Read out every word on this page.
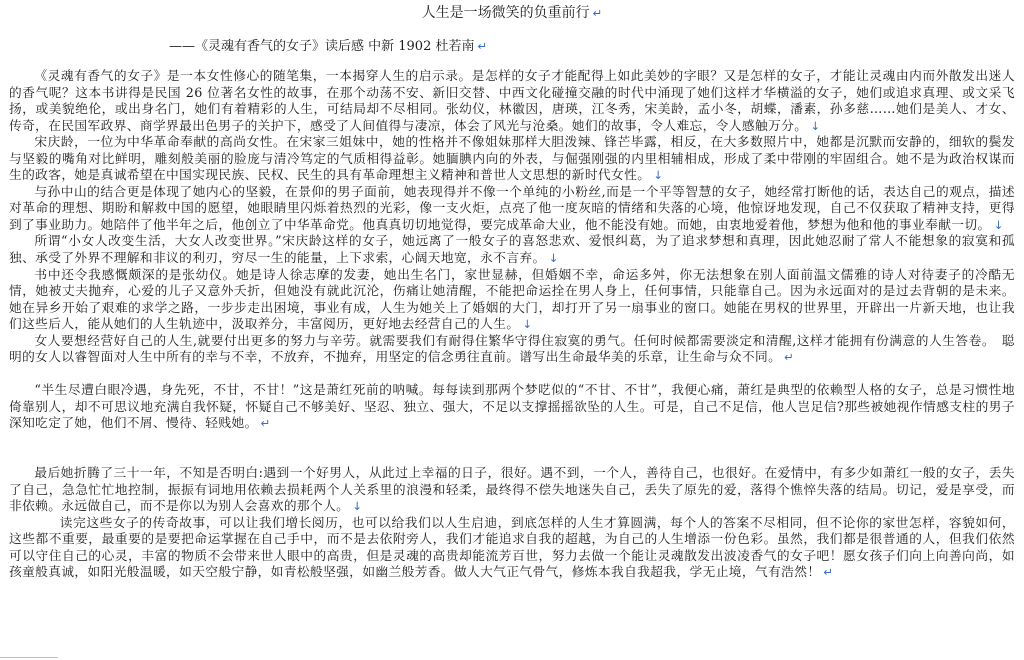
人生是一场微笑的负重前行 ↵
——《灵魂有香气的女子》读后感 中新 1902 杜若南 ↵

《灵魂有香气的女子》是一本女性修心的随笔集，一本揭穿人生的启示录。是怎样的女子才能配得上如此美妙的字眼？又是怎样的女子，才能让灵魂由内而外散发出迷人的香气呢？这本书讲得是民国 26 位著名女性的故事，在那个动荡不安、新旧交替、中西文化碰撞交融的时代中涌现了她们这样才华横溢的女子，她们或追求真理、或文采飞扬，或美貌绝伦，或出身名门，她们有着精彩的人生，可结局却不尽相同。张幼仪，林徽因，唐瑛，江冬秀，宋美龄，孟小冬，胡蝶，潘素，孙多慈……她们是美人、才女、传奇，在民国军政界、商学界最出色男子的关护下，感受了人间值得与凄凉，体会了风光与沧桑。她们的故事，令人难忘，令人感触万分。 ↓

宋庆龄，一位为中华革命奉献的高尚女性。在宋家三姐妹中，她的性格并不像姐妹那样大胆泼辣、锋芒毕露，相反，在大多数照片中，她都是沉默而安静的，细软的鬓发与坚毅的嘴角对比鲜明，雕刻般美丽的脸庞与清冷笃定的气质相得益彰。她腼腆内向的外表，与倔强刚强的内里相辅相成，形成了柔中带刚的牢固组合。她不是为政治权谋而生的政客，她是真诚希望在中国实现民族、民权、民生的具有革命理想主义精神和普世人文思想的新时代女性。 ↓

与孙中山的结合更是体现了她内心的坚毅，在景仰的男子面前，她表现得并不像一个单纯的小粉丝,而是一个平等智慧的女子，她经常打断他的话，表达自己的观点，描述对革命的理想、期盼和解救中国的愿望，她眼睛里闪烁着热烈的光彩，像一支火炬，点亮了他一度灰暗的情绪和失落的心境，他惊讶地发现，自己不仅获取了精神支持，更得到了事业助力。她陪伴了他半年之后，他创立了中华革命党。他真真切切地觉得，要完成革命大业，他不能没有她。而她，由衷地爱着他，梦想为他和他的事业奉献一切。 ↓

所谓“小女人改变生活，大女人改变世界。”宋庆龄这样的女子，她远离了一般女子的喜怒悲欢、爱恨纠葛，为了追求梦想和真理，因此她忍耐了常人不能想象的寂寞和孤独、承受了外界不理解和非议的利刃，穷尽一生的能量，上下求索，心阔天地宽，永不言弃。 ↓

书中还令我感慨颇深的是张幼仪。她是诗人徐志摩的发妻，她出生名门，家世显赫，但婚姻不幸，命运多舛，你无法想象在别人面前温文儒雅的诗人对待妻子的冷酷无情，她被丈夫抛弃，心爱的儿子又意外夭折，但她没有就此沉沦，伤痛让她清醒，不能把命运拴在男人身上，任何事情，只能靠自己。因为永远面对的是过去背朝的是未来。她在异乡开始了艰难的求学之路，一步步走出困境，事业有成，人生为她关上了婚姻的大门，却打开了另一扇事业的窗口。她能在男权的世界里，开辟出一片新天地，也让我们这些后人，能从她们的人生轨迹中，汲取养分，丰富阅历，更好地去经营自己的人生。 ↓

女人要想经营好自己的人生,就要付出更多的努力与辛劳。就需要我们有耐得住繁华守得住寂寞的勇气。任何时候都需要淡定和清醒,这样才能拥有份满意的人生答卷。　聪明的女人以睿智面对人生中所有的幸与不幸，不放弃，不抛弃，用坚定的信念勇往直前。谱写出生命最华美的乐章，让生命与众不同。 ↵

“半生尽遭白眼冷遇，身先死，不甘，不甘！”这是萧红死前的呐喊。每每读到那两个梦呓似的“不甘、不甘”，我便心痛，萧红是典型的依赖型人格的女子，总是习惯性地倚靠别人，却不可思议地充满自我怀疑，怀疑自己不够美好、坚忍、独立、强大，不足以支撑摇摇欲坠的人生。可是，自己不足信，他人岂足信?那些被她视作情感支柱的男子深知吃定了她，他们不屑、慢待、轻贱她。 ↵

最后她折腾了三十一年，不知是否明白:遇到一个好男人，从此过上幸福的日子，很好。遇不到，一个人，善待自己，也很好。在爱情中，有多少如萧红一般的女子，丢失了自己，急急忙忙地控制，振振有词地用依赖去损耗两个人关系里的浪漫和轻柔，最终得不偿失地迷失自己，丢失了原先的爱，落得个憔悴失落的结局。切记，爱是享受，而非依赖。永远做自己，而不是你以为别人会喜欢的那个人。 ↓

读完这些女子的传奇故事，可以让我们增长阅历，也可以给我们以人生启迪，到底怎样的人生才算圆满，每个人的答案不尽相同，但不论你的家世怎样，容貌如何，这些都不重要，最重要的是要把命运掌握在自己手中，而不是去依附旁人，我们才能追求自我的超越，为自己的人生增添一份色彩。虽然，我们都是很普通的人，但我们依然可以守住自己的心灵，丰富的物质不会带来世人眼中的高贵，但是灵魂的高贵却能流芳百世，努力去做一个能让灵魂散发出波凌香气的女子吧！愿女孩子们向上向善向尚，如孩童般真诚，如阳光般温暖，如天空般宁静，如青松般坚强，如幽兰般芳香。做人大气正气骨气，修炼本我自我超我，学无止境，气有浩然！ ↵
